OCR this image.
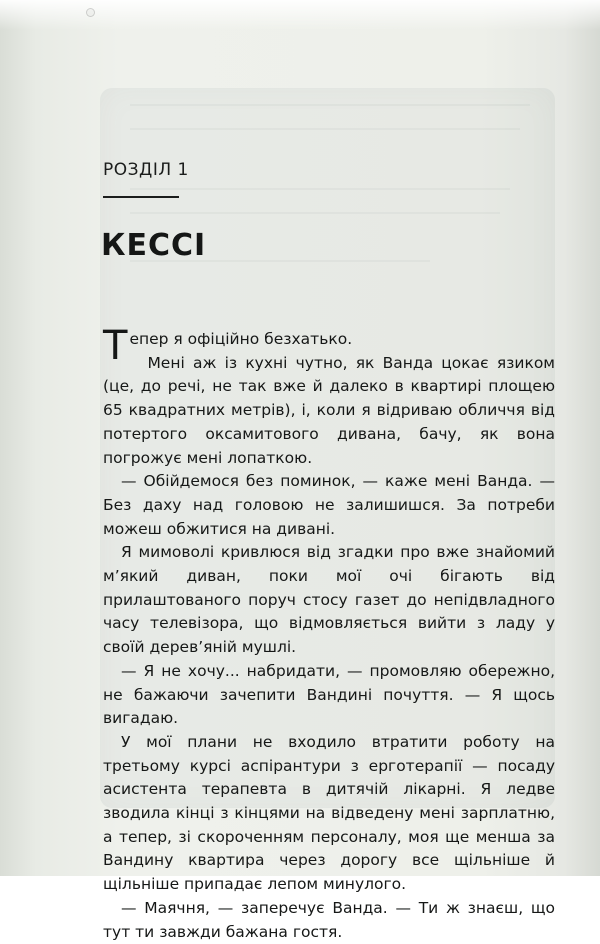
РОЗДІЛ 1
КЕССІ

Тепер я офіційно безхатько.

Мені аж із кухні чутно, як Ванда цокає язиком (це, до речі, не так вже й далеко в квартирі площею 65 квадратних метрів), і, коли я відриваю обличчя від потертого оксамитового дивана, бачу, як вона погрожує мені лопаткою.

— Обійдемося без поминок, — каже мені Ванда. — Без даху над головою не залишишся. За потреби можеш обжитися на дивані.

Я мимоволі кривлюся від згадки про вже знайомий м’який диван, поки мої очі бігають від прилаштованого поруч стосу газет до непідвладного часу телевізора, що відмовляється вийти з ладу у своїй дерев’яній мушлі.

— Я не хочу... набридати, — промовляю обережно, не бажаючи зачепити Вандині почуття. — Я щось вигадаю.

У мої плани не входило втратити роботу на третьому курсі аспірантури з ерготерапії — посаду асистента терапевта в дитячій лікарні. Я ледве зводила кінці з кінцями на відведену мені зарплатню, а тепер, зі скороченням персоналу, моя ще менша за Вандину квартира через дорогу все щільніше й щільніше припадає лепом минулого.

— Маячня, — заперечує Ванда. — Ти ж знаєш, що тут ти завжди бажана гостя.
